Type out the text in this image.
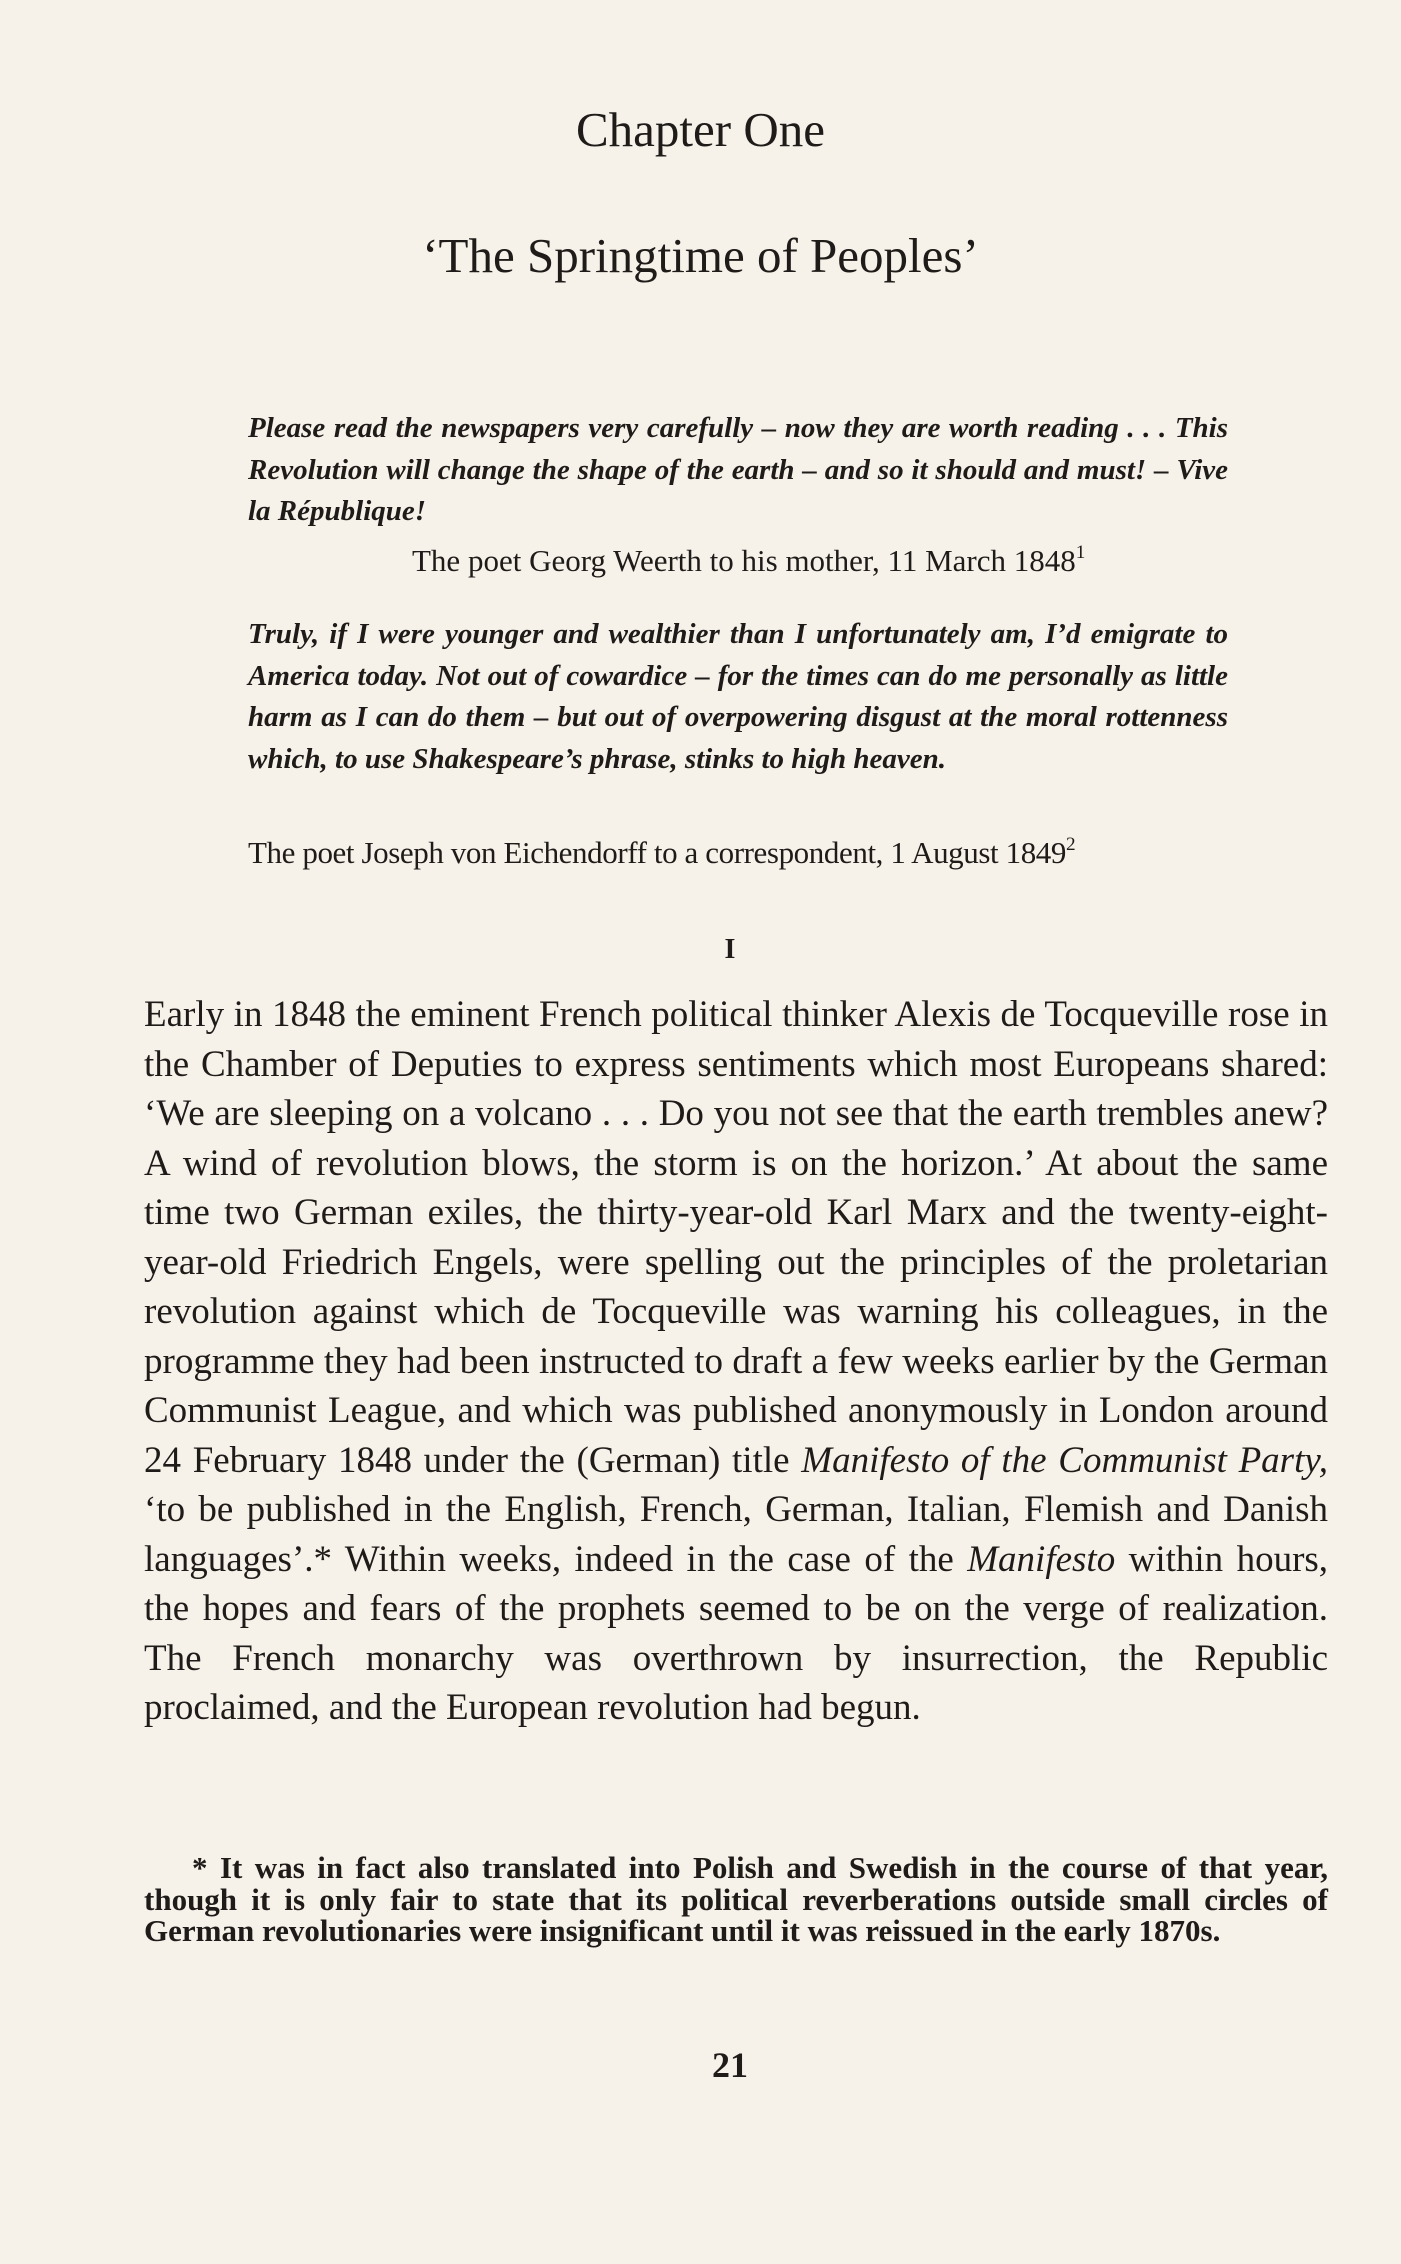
Chapter One
‘The Springtime of Peoples’
Please read the newspapers very carefully – now they are worth reading . . . This Revolution will change the shape of the earth – and so it should and must! – Vive la République!
The poet Georg Weerth to his mother, 11 March 1848$^1$
Truly, if I were younger and wealthier than I unfortunately am, I’d emigrate to America today. Not out of cowardice – for the times can do me personally as little harm as I can do them – but out of overpowering disgust at the moral rottenness which, to use Shakespeare’s phrase, stinks to high heaven.
The poet Joseph von Eichendorff to a correspondent, 1 August 1849$^2$
I

Early in 1848 the eminent French political thinker Alexis de Tocqueville rose in the Chamber of Deputies to express sentiments which most Europeans shared: ‘We are sleeping on a volcano . . . Do you not see that the earth trembles anew? A wind of revolution blows, the storm is on the horizon.’ At about the same time two German exiles, the thirty-year-old Karl Marx and the twenty-eight-year-old Friedrich Engels, were spelling out the principles of the proletarian revolution against which de Tocqueville was warning his colleagues, in the programme they had been instructed to draft a few weeks earlier by the German Communist League, and which was published anonymously in London around 24 February 1848 under the (German) title Manifesto of the Communist Party, ‘to be published in the English, French, German, Italian, Flemish and Danish languages’.* Within weeks, indeed in the case of the Manifesto within hours, the hopes and fears of the prophets seemed to be on the verge of realization. The French monarchy was overthrown by insurrection, the Republic proclaimed, and the European revolution had begun.

* It was in fact also translated into Polish and Swedish in the course of that year, though it is only fair to state that its political reverberations outside small circles of German revolutionaries were insignificant until it was reissued in the early 1870s.

21
